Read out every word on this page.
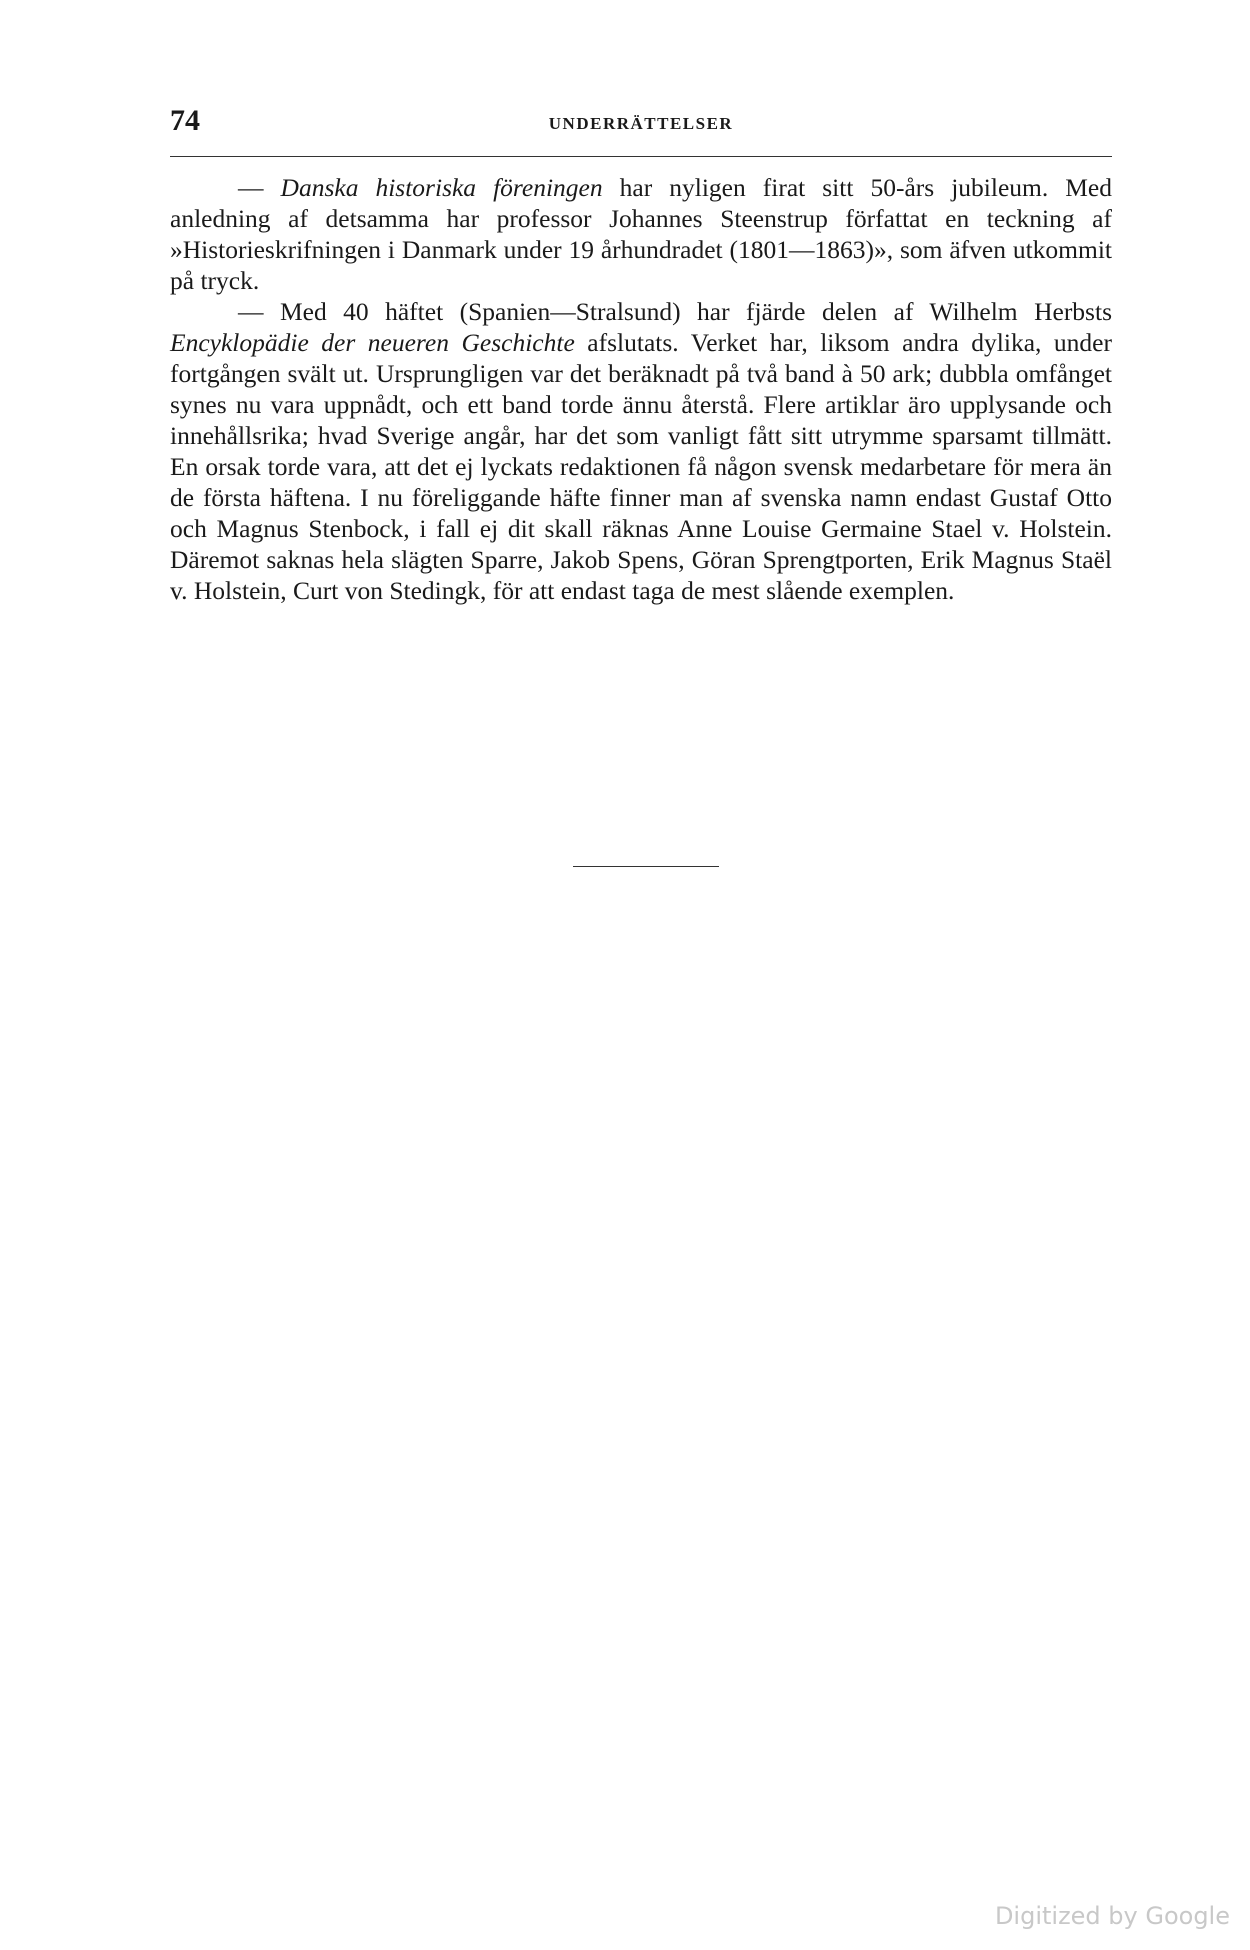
74	UNDERRÄTTELSER

— Danska historiska föreningen har nyligen firat sitt 50-års jubileum. Med anledning af detsamma har professor Johannes Steenstrup författat en teckning af »Historieskrifningen i Danmark under 19 århundradet (1801—1863)», som äfven utkommit på tryck.

— Med 40 häftet (Spanien—Stralsund) har fjärde delen af Wilhelm Herbsts Encyklopädie der neueren Geschichte afslutats. Verket har, liksom andra dylika, under fortgången svält ut. Ursprungligen var det beräknadt på två band à 50 ark; dubbla omfånget synes nu vara uppnådt, och ett band torde ännu återstå. Flere artiklar äro upplysande och innehållsrika; hvad Sverige angår, har det som vanligt fått sitt utrymme sparsamt tillmätt. En orsak torde vara, att det ej lyckats redaktionen få någon svensk medarbetare för mera än de första häftena. I nu föreliggande häfte finner man af svenska namn endast Gustaf Otto och Magnus Stenbock, i fall ej dit skall räknas Anne Louise Germaine Stael v. Holstein. Däremot saknas hela slägten Sparre, Jakob Spens, Göran Sprengtporten, Erik Magnus Staël v. Holstein, Curt von Stedingk, för att endast taga de mest slående exemplen.

Digitized by Google
